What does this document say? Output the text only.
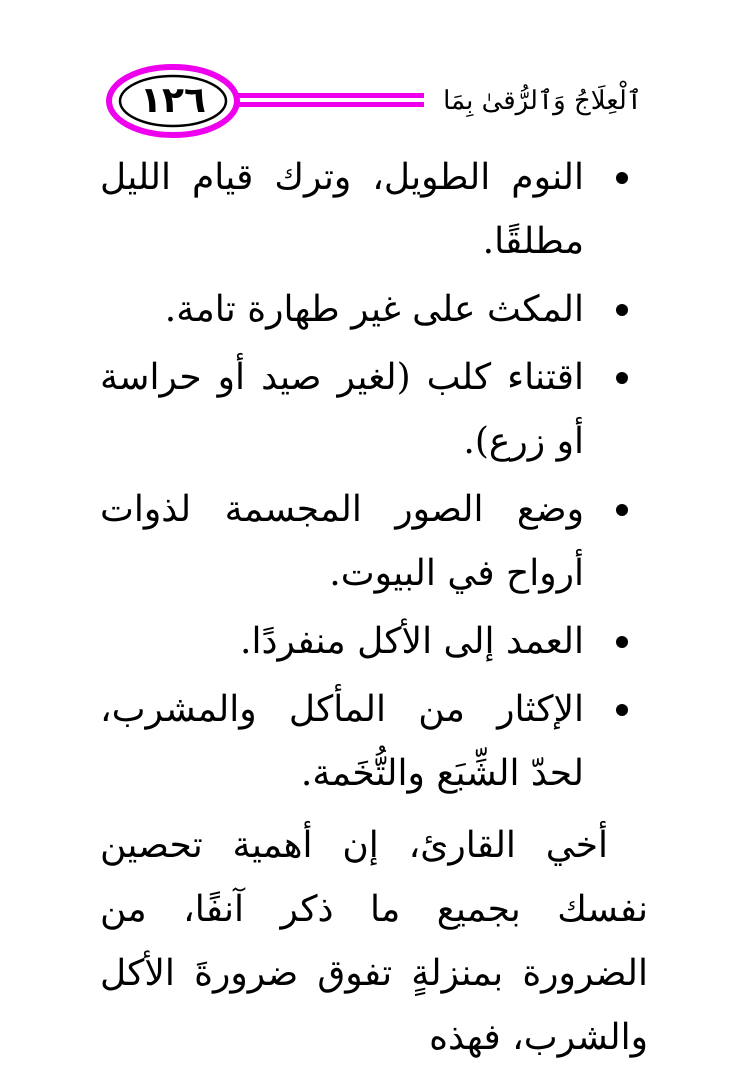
١٢٦	ٱلْعِلَاجُ وَٱلرُّقىٰ بِمَا
النوم الطويل، وترك قيام الليل مطلقًا.
المكث على غير طهارة تامة.
اقتناء كلب (لغير صيد أو حراسة أو زرع).
وضع الصور المجسمة لذوات أرواح في البيوت.
العمد إلى الأكل منفردًا.
الإكثار من المأكل والمشرب، لحدّ الشِّبَع والتُّخَمة.

أخي القارئ، إن أهمية تحصين نفسك بجميع ما ذكر آنفًا، من الضرورة بمنزلةٍ تفوق ضرورةَ الأكل والشرب، فهذه
